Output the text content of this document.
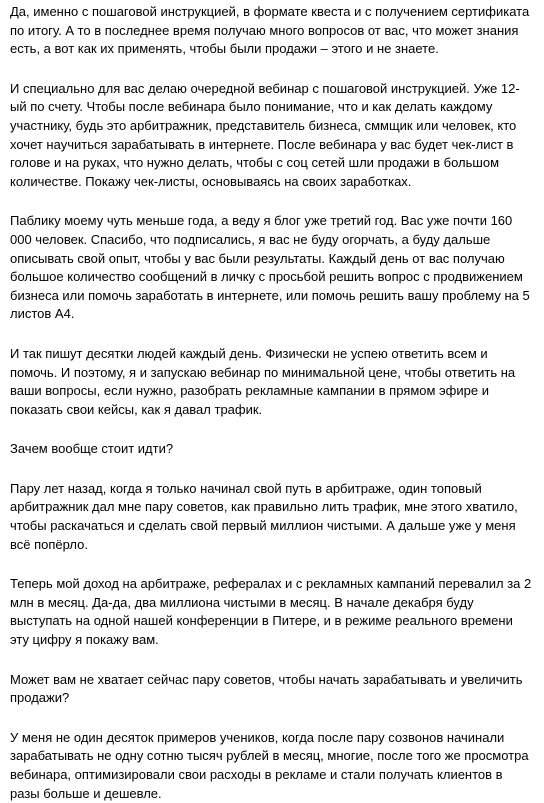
Да, именно с пошаговой инструкцией, в формате квеста и с получением сертификата по итогу. А то в последнее время получаю много вопросов от вас, что может знания есть, а вот как их применять, чтобы были продажи – этого и не знаете.

И специально для вас делаю очередной вебинар с пошаговой инструкцией. Уже 12-ый по счету. Чтобы после вебинара было понимание, что и как делать каждому участнику, будь это арбитражник, представитель бизнеса, сммщик или человек, кто хочет научиться зарабатывать в интернете. После вебинара у вас будет чек-лист в голове и на руках, что нужно делать, чтобы с соц сетей шли продажи в большом количестве. Покажу чек-листы, основываясь на своих заработках.

Паблику моему чуть меньше года, а веду я блог уже третий год. Вас уже почти 160 000 человек. Спасибо, что подписались, я вас не буду огорчать, а буду дальше описывать свой опыт, чтобы у вас были результаты. Каждый день от вас получаю большое количество сообщений в личку с просьбой решить вопрос с продвижением бизнеса или помочь заработать в интернете, или помочь решить вашу проблему на 5 листов А4.

И так пишут десятки людей каждый день. Физически не успею ответить всем и помочь. И поэтому, я и запускаю вебинар по минимальной цене, чтобы ответить на ваши вопросы, если нужно, разобрать рекламные кампании в прямом эфире и показать свои кейсы, как я давал трафик.

Зачем вообще стоит идти?

Пару лет назад, когда я только начинал свой путь в арбитраже, один топовый арбитражник дал мне пару советов, как правильно лить трафик, мне этого хватило, чтобы раскачаться и сделать свой первый миллион чистыми. А дальше уже у меня всё попёрло.

Теперь мой доход на арбитраже, рефералах и с рекламных кампаний перевалил за 2 млн в месяц. Да-да, два миллиона чистыми в месяц. В начале декабря буду выступать на одной нашей конференции в Питере, и в режиме реального времени эту цифру я покажу вам.

Может вам не хватает сейчас пару советов, чтобы начать зарабатывать и увеличить продажи?

У меня не один десяток примеров учеников, когда после пару созвонов начинали зарабатывать не одну сотню тысяч рублей в месяц, многие, после того же просмотра вебинара, оптимизировали свои расходы в рекламе и стали получать клиентов в разы больше и дешевле.
